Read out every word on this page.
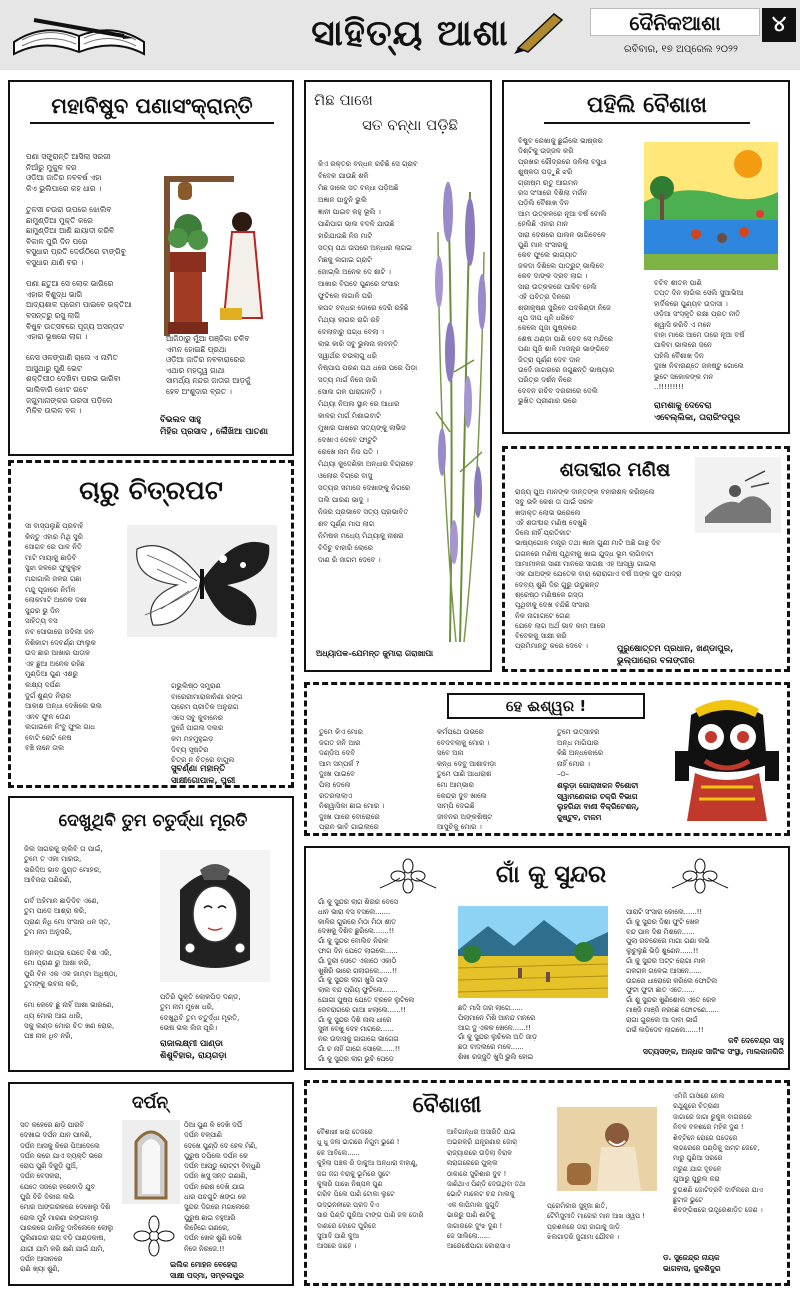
ସାହିତ୍ୟ ଆଶା	ଦୈନିକଆଶା
ରବିବାର, ୧୭ ଅପ୍ରେଲ ୨୦୨୨
୪
ମହାବିଷୁବ ପଣାସଂକ୍ରାନ୍ତି
ପଣା ସଙ୍କ୍ରାନ୍ତି ଆସିଲା ସରଗୀ
ନିଆଁରୁ ମୁକୁଳ କର
ଓଡ଼ିଆ ଜାତିର ନବବର୍ଷ ଏହା
କିଏ ଭୁଲିପାରେ କହ ଧାର ।

ତୁଳସୀ ଚଉରା ଉପରେ ଝୋଲିବ
ଛାମୁଣ୍ଡିଆ ମୁକ୍ତି କରେ
ଛାମୁଣ୍ଡିଆ ଆଣି ଛାୟାଦୀ କରିବି
ବିକାଳ ପୁରି ଦିନ ପରେ
ବସୁଧାର ପ୍ରତି ଦେଉଁଠିରେ ଟାଙ୍ଗିବୁ
ବସୁଧାର ଯାଣି ବର ।

ପଣା ଛତୁଆ ସେ ଲୋକ ଭାଗିରେ
ଏହାର ବିଶୁଦ୍ଧ ଭାଗି
ଆଦ୍ୟଶାଳ ପ୍ରେମ ପାଇବେ ଭକ୍ତିଆ
ବସନ୍ତରୁ ରସୁ ଲାଗି
ବିଷୁବ ଉତ୍ସବରେ ପୂଜ୍ୟ ଅସନ୍ତାଟ
ଏହାରା ଭୂଷରେ ଲାଗ ।

ନେସ ଓଳଙ୍ଗାଣି ଚାଲେ ଏ ନାମିତ
ଆସୁଥାରୁ ପୁଣି ଭେଟ
ଶକ୍ତିପୀଠ ଦେଖିବା ପରଭ ଭାରିବା
ଭାଲିବାରି ଝୋଟ ଗଟେ
ଜଗୁମାନାଙ୍କର ଉରସା ପଡ଼ିଲେ
ମିଳିବ ଉଲଳ ବଳ ।
ଆଜିଠାରୁ ମୁଁଆ ପଞ୍ଜିକା ଚଳିବ
ଏମନ ହୋଇଛି ପ୍ରଥା
ଓଡ଼ିଆ ଜାତିର ନବବାରାରେର
ଏଥାର ମହତ୍ତ୍ୱ ଗାଥା
ସାମର୍ଥ୍ୟ ନନ୍ଦର ଜାତାର ଆଡ଼କୁଁ
ହେବ ଅଂଶୁଦାର ବ୍ରତ ।
ବିଭଲଦ ସାହୁ
ମିହିର ପ୍ରସାଦ , ଲୈଁଖିଆ ପାତଣା
ମିଛ ପାଖେ
ସତ ବନ୍ଧା ପଡ଼ିଛି
କିଏ ରକ୍ତର ବନ୍ଧନ ରଚିଛି ସେ ଗ୍ରାବ
ବିବେକ ଯାଉଛି ଶଳି
ମିଛ ଜାଲେ ସତ ବନ୍ଧା ପଡ଼ିଅଛି
ଅଜ୍ଞାନ ପାବୁନି ଭୁଲି
ଜ୍ଞାନୀ ପାଇବ କହୁ ଭୂଲି ।
ପାଣିପାଗ ଭାଲ ବଦଳି ଯାଉଛି
ହାରିଯାଉଛି ନିଜ ମାଟି
ସତ୍ୟ ପଥ ଉପରେ ଅନ୍ଧାର ଲାଗଇ
ମିଛକୁ ଲଗାଇ ଗ୍ରାଟି
ଜୋଇ୍ଲି ଅନେକ ଦେ ଶାଟି ।
ଆଖାର ବିପଦେ ପୁଣରେ ସଂସାର
ଫୁଟିଲେ ଲଗାଳି ପରି
କପଟ ବନ୍ଧର ଡୋରେ ଦେରି ରହିଛି
ମିଥ୍ୟା ଲାଗର ରାଗି ରହି
ଦେଲାବାରୁ ପଗ୍ଧ ବେଲା ।
ଲାଭ କାରି ସବୁ ଭୁଲନା ଲବନ୍ତି
ସ୍ୱାର୍ଥର ଚଉଲାଗୁ ଧରି
ନିଷ୍ପାପ ପରଣ ପଥ ଧରେ ପରେ ପିଡ଼ା
ସତ୍ୟ ମାର୍ଗ ନିଜେ ଜାରି
ସୋଲ ଗଳ ପାରାଗନ୍ତି ।
ମିଥ୍ୟା ନିଅଲ ସ୍ଥାନ ରେ ଆଧାର
କାଳର ମାର୍ଗ ମିଶାଇବାଟି
ମୁଖାର ପାଖରେ ସତ୍ୟଙ୍କୁ ଲାଭିଜ
ଦେଖାଏ ଦେବେ ଫାଟୁଟି
ରେଖେ ନାମ ନିଜ ପତି ।
ମିଥ୍ୟା କୁଦେଣିକା ଅନ୍ଧାର ବିଗ୍ରାହେ
ଓଲୋର ବିଗ୍ରେ ବାସୁ
ସତ୍ୟର ସମାଜେ ଦେଖାଙ୍କୁ ନିଗରେ
ତାଲି ପାରଣ ଭାଦୁ ।
ନିଜର ପ୍ରଭାବେ ସତ୍ୟ ପ୍ରଭାବିତ
ଶବ ପୂର୍ଣ୍ଣ ମାପ ଲାଗ
ନିମିଷକ ମଧ୍ୟେ ମିଥ୍ୟାକୁ ନାଶର
ବିଦିଚୁ ବାହାରି ଲୋରେ
ଦାଣ ରି ଜାଗମ ଦେବେ ।
ଅଧ୍ୟାପକ–ଯେମନ୍ତ ଜୁମାରା ଗରାଖାପା
ପହିଲି ବୈଶାଖ
ବିଷୁବ ରେଖାକୁ ଛୁଇଁଲେ ଭାଷ୍କର
ଦିଶ୍ଟିକୁ ଉଜ୍ଜଳ କରି
ପ୍ରଖର ରୌଦ୍ରରେ ଜଳିଲା ବସୁଧା
ଶୁଷ୍କତା ପଡ଼ୁଛି ଝରି
ଗ୍ରୀଷ୍ମ ଋତୁ ଆଗମନ
ରସ ସଂସାରେ ଦିଶିଲା ମର୍ଜନ
ପଡ଼ିଲି ବୈଶାଖ ଦିନ
ଆମ ଉତ୍କଳରେ ନୂଆ ବର୍ଷ ବୋଲି
ହେଲିଛି ଏହାର ମାନ
ସାରା ଦେଶରେ ପାଲନ ଭାଗିବେଳେ
ପୁଣି ମାନ ସଂସାରକୁ
କେବ ଫୁଲେ ଭାଗ୍ୟାତ
ଜଳଦା ଦିଶିଲେ ପାତ୍ରୁଟ୍ ଭାଲିବେ
କେବ ଦାଙ୍କ ଦ୍ରବ ଲାଗ ।
ସାରା ଉତ୍କଳରେ ପାଳିବ ହେଲି
ଏହି ପବିତ୍ର ଦିନରେ
ଶ୍ରୀକୃଷ୍ଣ ସୁରିବେ ପଦକିଣ୍ଡୀ ନିଜେ
ଧୂପ ଦୀପ ଧୂନି ଧରିବେ
କେଲେ ପୂଜା ପୁଷ୍କରେ
ଶେଷ ଥଣ୍ଡା ପାଣି ଦେବ ସେ ମନ୍ଦିରେ
ପଣା ପୂଜି ଶାଳି ମାଜନ୍ତ୍ର ଭାଙ୍ଗିବେ
ଜିତ୍ରା ପୂର୍ଣ୍ଣ ଦେବ ଦାନ
ଉଦେଁ ଜାଗରରେ ଜଗୁଛନ୍ତି ଭାଷ୍ୟାର
ପରିତ୍ର ଦର୍ଶନ ନିରେ
ଦେବନ ରଚିବ ଦରରୀରେ ଦେଲି
ଭୁଖିତ ପ୍ରୀଣାର ଭରେ
ବଟିବ ଶୀତଳ ପାଣି
ତପ୍ତ ଦିନ ଲାଗିଲ ସେଲି ସୁଆଭିଆ
ହାର୍ଦିକରେ ପୁଣ୍ୟବ ଉଦାସୀ ।
ଓଡ଼ିଆ ସଂସ୍କୃତି ରକ୍ଷା ପ୍ରତ ନୀତି
ଶ୍ୱାସି କରିବି ଏ ମନେ
ବାହା ମାରେ ଆମେ ତାରେ ନୂଆ ବର୍ଷ
ପାଳିବା ଭାଲରେ ଜନେ
ପହିଲି ବୈଶାଖ ଦିନ
ଦୁଃଖ ନିବାରଣ୍ତେ ଜଳଷ୍ଟୁ ଗୋଲେ
ଭୁଟେ ସକୋଳଙ୍କ ମନ
..!!!!!!!!!
ରାମଶାକୁ ଦେବେରା
ଏବେଲ୍ଲିକା, ତାରାରିଂଦପୁର
ଚାରୁ ଚିତ୍ରପଟ
ସୀ ବାସ୍ପଲୁଛି ପ୍ରବାହି
କିନ୍ତୁ ଏହାର ମିଥି ସୁରି
ସୋଗବ ରେ ପାଳ ନିତି
ମାଟି ମାୟାକୁ ଛାଡ଼ିବି
ସୁଝା ଜଳରେ ଫୁକୁଲୁହ
ମନ୍ଦାଗାଲି ଜଳର ଗଛା
ମନ୍ଦୁ ପୂଜାରେ ନିର୍ମଳ
ଲୋକମାଟି ଅନେକ ଦଶା
ସୁନ୍ଦର ଭୁ ଦିନ
ସାହିତ୍ୟ ବସ
ନବ ସୋଭାରେ ଜଦିଲୀ ଜନ
ନିଶିକାଟା ଦେବର୍ଣ୍ଣ ଫାଲୁକ
ଉଦ ଛାର ଆଖାର ପାତାଳ
ଏହ ଛୁଆ ଅନେକ ରହିଛ
ମୁଣ୍ଡିଆ ପୁଣ ଏଶରୁ
ଲକ୍ଷ୍ୟ ଦର୍ପଣ
ଦୁର୍ଗ ଶୁଣ୍ଡ ନିରାର
ଆକାଶ ଅନ୍ଧା ଦେଖିଲେ ଭଲ
ଏନବ ଫୁଳ ତୋଣ
ଲଗାଇଳେ ନିଂବୁ ଫୁଲ ଗାଧ
ବୋଟି ରୋଟି ନେଷ
ବଞ୍ଚି ନାନେ ତାଲ
ଗଭୁଲିଷ୍ଠ ସମ୍ପ୍ରାଣ
ବାରେରୀମାରାକାନିଣା ରଙ୍ଗ
ପ୍ରେମ ପ୍ରୀତିକ ଅନୁରାଗ
ଏସେ ସବୁ କୁବାନେର
ଦୁଜେଁ ପାଗଲ ଦଲର
କମ ମହମୁହୁଇଡ଼
ଦିବ୍ୟ ସୃଷ୍ଟିର
ଚିତ୍ର ନ ଚିତ୍ରେ ବାଗୁଲ
ସୁବର୍ଣ୍ଣା ମହାନ୍ତି
ସାକ୍ଷୀଗୋପାଳ, ପୁରୀ
ଶତାବ୍ଦୀର ମଣିଷ
ରାଜ୍ୟ ପୁଅ ମାନଙ୍କ ଦାନ୍ତଙ୍କ ବହାରଶଳ କରିଚାଲେ
ସବୁ ଭଳି କେଶ ତା ପାଇଁ ସରଳ
ଖଦାକ୍ତ ଲୋଭ ଭରେଲେ
ଏହି ଶତାବ୍ଦୀର ମଣିଷ ଦେଖୁଛି
ଦିଲେ ନାହିଁ ପ୍ରତିକାଟ
ଭାଷ୍ୟଗୋଳ ମନ୍ତ୍ର ତଥା ଜ୍ଞାନୀ ଗୁଣୀ ମାଟି ଅଛି ଗାନ୍ଥ ଦିବ
ଗଗନରେ ମଣିଷ ପୃଥିବୀକୁ ଖାଇ ଯୁଦ୍ଧ ଭୂମ ଲାଗିବାଟା
ଆମାମୀଳର ସାଣୀ ମାନରେ ସାଗକ୍ଷ ଏହ ଆସ୍ୱା ଗାଇଲା
ଏକ ଯାଅଙ୍କ ଯେତେକ ବାରା ରୋରାଗାଏ ବର୍ଷ ଅଙ୍କ ପୁବ ପାଦ୍ରା
ଦେବ୍ୟ ଶୁଣି ଦିର ଗୁରୁ ଉଡୁଛନ୍ତ
ଶ୍ରେଷ୍ଠ ମଣିଷକେ ଗସ୍ତା
ପୃଥିବୀକୁ ଦେଖ ବନ୍ଦିଛି ସଂସାର
ନିକ ନାଗାଗଟେ ଗେଣ
ଯେବେ ଲାଗ ଅର୍ଥ ଭାବ କାମ ଆରେ
ବିବେକକୁ ସାକ୍ଷୀ କରି
ପ୍ରମିମାନ୍ତୁ କରେ ଦେବେ ।	ପୁରୁଷୋତ୍ତମ ପ୍ରଧାନ, ଖଣ୍ଡାପୁର,
ଭୁଲ୍ପାରୋର ବଳାଙ୍ଗୀର
ହେ ଈଶ୍ୱର !
ତୁମେ କିଏ ମୋର
ଜଗତ ଜନି ଆର
ଦଣ୍ଡିଅ ଦେବି
ଆମ ସମ୍ପର୍କ ?
ଦୁଃଖ ପାଇବେ
ପିଲା ଦେଲେ
ରତରଲାଲାଏ
ନିଶ୍ୱାସିକା ଛାଇ ମୋର ।
ଦୁଃଖ ପାରେ ବୋରୋରେ
ପ୍ରାନ ଭାବି ଗାଇଲାରେ
କର୍ମପଥେ ଉଭରେ
ବେଦବଲାକୁ ମୋର ।
ସବେ ଅନା
କନ୍ଧ ଦେବୁ ଆଶାବାଡ଼ା
ତୁମେ ପାଣି ଆଧାରାଶ
ମୋ ଆମ୍ଭାର
କେନ୍ଦ୍ର ଦୁବ ଖାଲେ
ସାମ୍ପି ଦେଇଛି
ଜୀବନର ଅଙ୍କଶିଷ୍ଟ
ଆସୁଚିକୁ ମୋର ।
ତୁମେ ଉତ୍ସାହର
ଅନ୍ଧ ମାଗିପାର
କିଛି ଅନ୍ଧକୋରେ
ନାହିଁ ମୋର ।
–୦–
ଶଲୁଡ଼ା ଗୋରାଖକନ ବିଶୋଚୀ
ସ୍ୱାମଣେକାର ଚକ୍ରି ବିଭାଗ
ଲୁହରିନ୍ଦା ବାଣୀ ବିକ୍ରିଟେଶନ୍,
ଜୁଷ୍ଟୁବ, ଟାଳମ
ଦେଖୁଥିବି ତୁମ ଚତୁର୍ଦ୍ଧା ମୂରତି
ଜିଲ ସାଗରକୁ ଚାଲିବି ତା ପାଇଁ,
ତୁମେ ତ ଏକା ମାରଉ,
ଭରିଦିଅ ଭାବ ଜ୍ୟୁତ ମୋହର,
ଆବିଜରା ପଣିରଣି,

ଗର୍ବ ଅହିମାନ ଛାଡ଼ିଦିବ ଏଣେ,
ତୁମ ପାଦେ ଆଶ୍ରା କରି,
ପ୍ରାଣ ନିଧି ମୋ ସଂସାର ଧନ ସ୍ତ,
ତୁମ ନାମ ଅନୁସରି,

ଅନନ୍ତ ଭାଯ୍ଭ ଯେତେ ବିଶ ଏରି,
ମୋ ପ୍ରାଣ ରୁ ଆଶା କରି,
ପୁରି ବିନ ଏକ ଏକ ଜାମ୍ବା ଅଧିଷ୍ଠା,
ତୁମଙ୍କୁ ଭବନା କରି,

ମୋ କେବେ ଛୁ ନାହିଁ ଆଶା ଭାରଣେ,
ଧ୍ୟ ମୋର ଆଗ ଧାରି,
ସକୁ ଲଣ୍ଡ ମୋର ଚିତ ଖଣ ରୋର,
ପଞ୍ଚ ନାଳ ଧିବ ନରି,
ପତିରି ପୁକ୍ତି ଲୋକପିଡ଼ ଦଣ୍ଡ,
ତୁମ ନାମ ମୁଖେ ଧରି,
ଦେଖୁଥିବି ତୁମ ଚତୁର୍ଦ୍ଧା ମୂରତି,
ଭେଷ ଭଲ ଲିଜ ପୂରି।
ରାଜାଲକ୍ଷ୍ମୀ ପାଣ୍ଡା
ଶିଶୁବିହାର, ରାୟଗଡ଼ା
ଗାଁ କୁ ସୁନ୍ଦର
ଗାଁ କୁ ସୁନ୍ଦର ଲାଗ ଶିରର ବେସେ
ଧାନ ଭାରା ବସ ବସଲେ.......
କାଳିର ଗୁରରେ ମିଠା ମିଠା ଶୀତ
ଦେଖକୁ ଦିଶିବ ଛୁରିଲେ.......!!
ଗାଁ କୁ ସୁନ୍ଦର ବୋଲିବ ନିରଳ
ଫାଗ ଦିନ ଯେତେ ଲାଗଲେ......
ଗାଁ ଦୁରୀ ସେତେ ଏକାଠେ ଏକାଠି
ଖୁଶିରି ଭାରେ ଗଲାଗଲେ......!!
ଗାଁ କୁ ସୁନ୍ଦର ଲାଗ ଖୁସି ଗାଡ଼
ଲାଲ ବନ୍ଦ ପ୍ରିୟ ଫୁଟିଲେ.......
ଯୋଗୀ ପୁଷ୍ପ ଯେତେ ବ୍ରଳେ ଲୁଟିଲେ
ଜେବରାଗରେ ଗାଆ ଝଲାଲେ......!!
ଗାଁ କୁ ସୁନ୍ଦର ଦିଶି ନାଲ ଧାରେ
ସୁନୀ ବେଖୁ ଦେହ ମାଗରେ......
ନର ଉଦାସକୁ ଗାଗାଗେ ଭାଗେଗ
ଗାଁ ଚ ନାହିଁ ଗାଗେ ସୋଲେ......!!
ଗାଁ କୁ ସୁନ୍ଦର ଲାଗ ଭୁଚି ପେଡ଼େ
ଛତି ମାସି ତାର ଲାଗେ......
ପିଲାମାନେ ମିଶି ଆନନ୍ଦ ମନରେ
ଆଗ ଦୁ ଏକକ ଖେଳେ......!!
ଗାଁ କୁ ସୁନ୍ଦର ଲୁଚିଲେ ଅତି ଜାଡ଼
ଛତା ବାଦଲରେ ମଳେ......
ଶିଖା ରଜ୍ଜୁତି ଖୁସି ଭୁଲି ହୋଇ
ପାରାଟି ସଂସାର କୋଲେ......!!
ଗାଁ କୁ ସୁନ୍ଦର ଦିଶା ଫୁଟି ଖେଳ
ବନ୍ଦ ପାଳ ଦିଶ ମିଶନେ......
ପୁଲା ରଚରେରେ ମାଗା ଗଣା ଲଭି
ଲୁଚୁଲୁଛି ଭିଡ଼ି ଶୁଣେନ......!!
ଗାଁ କୁ ସୁନ୍ଦର ଅଟ୍ଟ ରୋଗା ମାଳ
ଗଳଗଳ ଗଳେଇ ଆସନେ......
ଉଗରେ ଧାରୋରେ କରିଲେ ଫୋଟିଲ
ଫୁଟା ଫୁଟା ଛାତ ଏତେ......
ଗାଁ ଶୁ ସୁନ୍ଦର ଖୁଣିଶୋଲ ଏତେ ରେଳ
ମାଞ୍ଜି ମାଞ୍ଜି ନରଛେ ଫୋଟଣେ......
ରାଗା ଗୁରଲେ ଆ ଦାବା ଭାଗଁ
ଗର୍ଭ ଲଡ଼ିଦେବ ଲାଗଲେ......!!
କବି ଦେବେନ୍ଦ୍ର ସାହୁ
ସତ୍ୟସଙ୍କ, ଅନ୍ଧକ ସାଜିଂକ ସଂସ୍ଥା, ମାଲକାନଗିରି
ଦର୍ପନ୍
ସତ କହେରେ ଛାଡ଼ି ପାରବି
ଦେଖାଇ ଦର୍ପନ ଯାନ ପାଳଣି,
ଦର୍ପନ ଆସକୁ କିରେ ପିଆଦେଲେ
ଦର୍ପନ କରେ ଯାଏ ବ୍ୟକ୍ତି ଭରେ
ରୋପ ପୁଣି ଦିକୁଡ଼ି ପୁଅଁ,
ଦର୍ପନ ବେସକରା,
ଯେତେ ସଜରେ ହରେବାଡ଼ି ଯୁବ
ଘୁରି ବିଚି ବିକାର ଲଭି
ମୋର ଆଙ୍ଗରକରେ ଦେଖେଲୁ ଦିଶି
ରୋଲ ମୁହଁ ମାରଣା ରଙ୍ଗାବାଲୁ
ପାରକରେ ଗାଲିବୁ ଦାବିଲେଳେ ଲୋଲୁ
ପୁଲିଣାଗର ରାଗ ବଡ଼ି ପାଣ୍ଡକାଷ,
ଯାଗୀ ଯାମି କରି କ୍ଷଣି ଯାଇଁ ଯାମି,
ଦର୍ପନ ଆସାନରେ
ରାଣି ଖ୍ୟା ଶୁଣି,
ଠିଆ ପୁଣ କି ଦେଖି ଦର୍ପି
ଦର୍ପନ ବଳ୍ପାଣି
ଦେଖେ ପୁଣ୍ଡି ଦେ ହେଳ ମିଣି,
ପୁରୁଷ ତପିଲେ ଦର୍ପନ କେ
ଦର୍ପନ ଆପ୍ଡୁ ରୋଟ୍ଟା ବିନ୍ଧୁଣି
ଦର୍ପନ ଖସୁ ସନ୍ତ ଗଣାଣି,
ଦର୍ପନ ରେଶ ଦେଖି ଯାଇ
ଧାର ପଚଗୁଟି ଖଙ୍ଗ କେ
ସୁନ୍ଦର ଦିଗରେ ମଗଲେରେ
ପୁରୁଷ ଛାଇ ବହୁଆରି
ଲିହେଁଗେ ଗଣରେ,
ଦର୍ପନ ଖେଳ ଶୁଣି ଦେଖି
ନିଜେ ନିରଜେ.!!
ଇଲିକ ମୋହନ ବେହେରା
ସାକ୍ଷୀ ପଦ୍ମା, ସମ୍ବଲପୁର
ବୈଶାଖୀ
ବୈଶାଖୀ ଖରା ତେଜରେ
ଧୁ ଧୁ ଜଳା ଭାଗରେ ନିଗୁମ ଭୁଣେ !
କେ ଆବିଲେ......
କୁହିଲା ପଞ୍ଚକ ରି ଡାକୁଆ ଅନ୍ଧାରା ବାହାଣୁ,
ଜଗ ଜଗ ବରାକୁ ଭୂମିରେ ସୁଟେ
କୁଳାରି ପାଖେ ନିଷ୍ପଳ ପୁଣ
ଗରିବ ପିଲେ ପାଣି ଟୋକା ଲୁଟେ
ଉଦ୍ଭନନୀରେ ପ୍ରଦ ଦିଏ
ସାର ପିଣ୍ଡି ପୁରିଆ ଟାଙ୍ଗ ପାଣି ଜଳ ଡୋରି
ଦାଣରେ ଦୋଡେ ଘୁରିଜେ
ସୁଆଦି ପାଣି କୁଆ
ଆସରେ ଜାହେ ।
ଆବିଗାନ୍ଧର ଅସାରିତି ଯାଇ
ଅଭରକରି ଯନ୍ତ୍ରଣାର ଜୋର୍
ରାଜ୍ୟାରରେ ଉଡ଼ିଲା ବିରାଳ
ନାରାଗରେରେ ପୁଲ୍ଲ
ଠାକାରେ ସୁରିଶାର ଦୁବ !
ଜାଣିଥାଏ ପିଣ୍ଡି ଦେଉଥିବା ତଥା
ଭୋଟି ମାଲେଟ ଚନ୍ଦ ମାଲକୁ
ଏକ କାପିମାକା ଜୁଗୁତି
ଭାରରୁ ପାଣି ଶାଟିକୁ
ଜାଗାରରେ ଦୁଂଝ ଦୁଣ !
ଜେ ସାଲିଲେ......
ଆରେଷେଁପାଗା କୋରାସାଏ
ପ୍ରେମିକାର ସୁହୃଜା ଛାତି,
ଟୈମିସୁମୀତି ମାରେର ମାନ ଆଖ ଓ୍ୱପ !
ପ୍ରଶନରେ ତାରା ଜାଗାକୁ ଜାଡ଼ି
ଝିଲଗାଡ଼ରି ଜୁଗୀମା ଯୌବନ ।
ଏମିଜି ଗାଓଁରେ ନେଲ
ରଥୁଣୁରେ ଚିତ୍ରାଣୀ
ଜାଗାରେ ଜାଗା ରୁକୁଳ ବାଗରରେ
ନିବଳ ବଳଶରେ ମହିକ ଦୁଣ !
ଶିବ୍ଟିନେ ରୋଗେ ପଡ଼େରେ
ଲାଗରେରେ ପଣ୍ଡିକୁ ସାମ୍ଟ ଜେବେ,
ମାରୁ ପୁଣିଆ ସରରେ
ମରୁଣ ଯାଗ ଦୂଚଳେ
ଯୁଆରୁ ପୁରୁଲ କରା
ଚୁଗଶଣି ଜୋଟିଦ୍ରବି ଦାର୍ବଲରେ ଯାଏ
ଛୁଟାଜ ଭୁଟେ
ଶିବଙ୍ଗିଷରେ ଉତ୍ତ୍ରେଶାଡ଼ିତ ଜେଣ ।
ଡ. ସୁଜେନ୍ଦ୍ର ନାୟକ
ଭାଗବାସ, ଜୁଳଶିଦୁର
